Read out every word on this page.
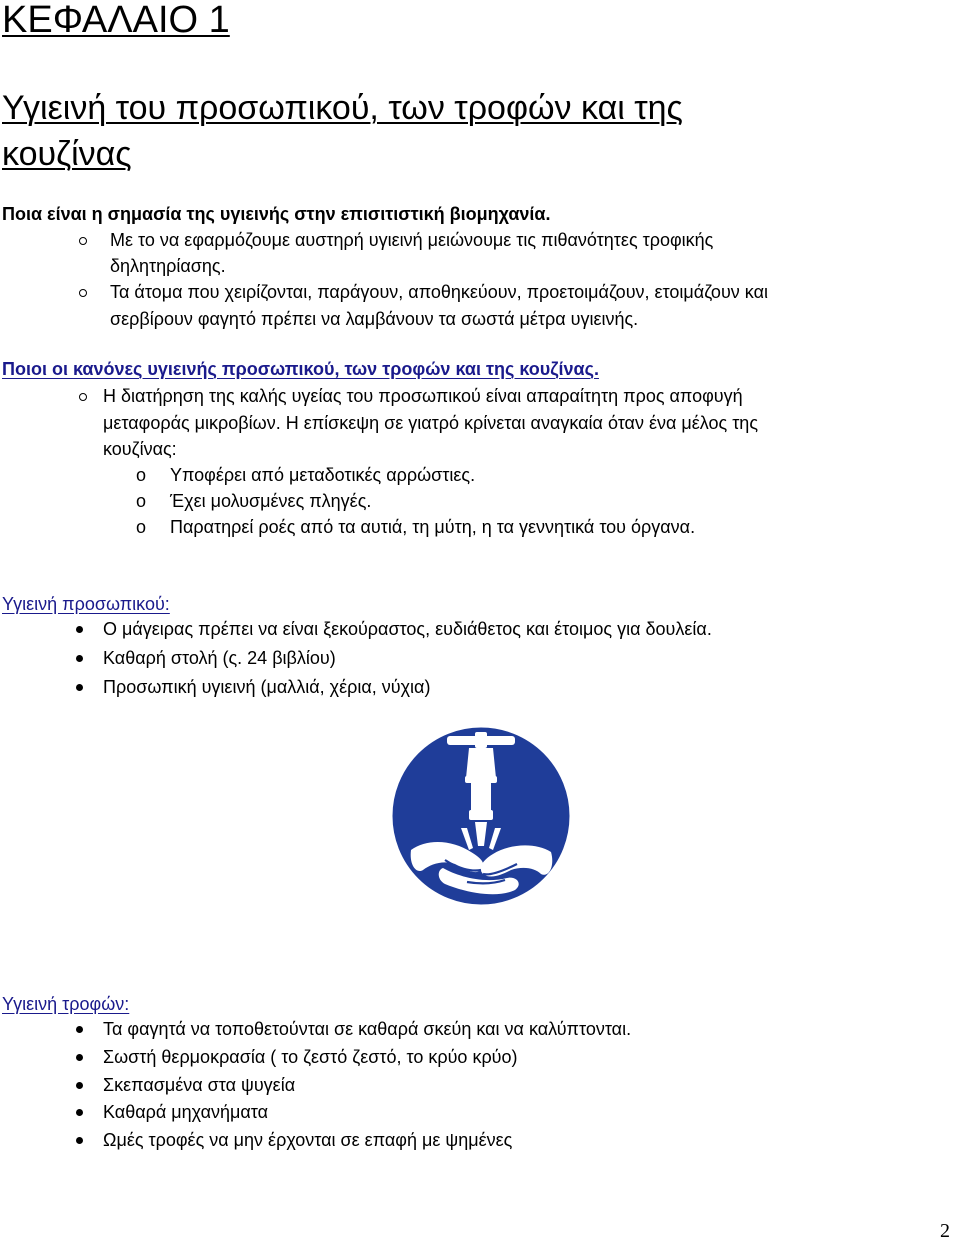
ΚΕΦΑΛΑΙΟ 1

Υγιεινή του προσωπικού, των τροφών και της

κουζίνας

Ποια είναι η σημασία της υγιεινής στην επισιτιστική βιομηχανία.

Με το να εφαρμόζουμε αυστηρή υγιεινή μειώνουμε τις πιθανότητες τροφικής

δηλητηρίασης.

Τα άτομα που χειρίζονται, παράγουν, αποθηκεύουν, προετοιμάζουν, ετοιμάζουν και

σερβίρουν φαγητό πρέπει να λαμβάνουν τα σωστά μέτρα υγιεινής.

Ποιοι οι κανόνες υγιεινής προσωπικού, των τροφών και της κουζίνας.

Η διατήρηση της καλής υγείας του προσωπικού είναι απαραίτητη προς αποφυγή

μεταφοράς μικροβίων. Η επίσκεψη σε γιατρό κρίνεται αναγκαία όταν ένα μέλος της

κουζίνας:

o Υποφέρει από μεταδοτικές αρρώστιες.

o Έχει μολυσμένες πληγές.

o Παρατηρεί ροές από τα αυτιά, τη μύτη, η τα γεννητικά του όργανα.

Υγιεινή προσωπικού:

Ο μάγειρας πρέπει να είναι ξεκούραστος, ευδιάθετος και έτοιμος για δουλεία.

Καθαρή στολή (ς. 24 βιβλίου)

Προσωπική υγιεινή (μαλλιά, χέρια, νύχια)

Υγιεινή τροφών:

Τα φαγητά να τοποθετούνται σε καθαρά σκεύη και να καλύπτονται.

Σωστή θερμοκρασία ( το ζεστό ζεστό, το κρύο κρύο)

Σκεπασμένα στα ψυγεία

Καθαρά μηχανήματα

Ωμές τροφές να μην έρχονται σε επαφή με ψημένες

2
